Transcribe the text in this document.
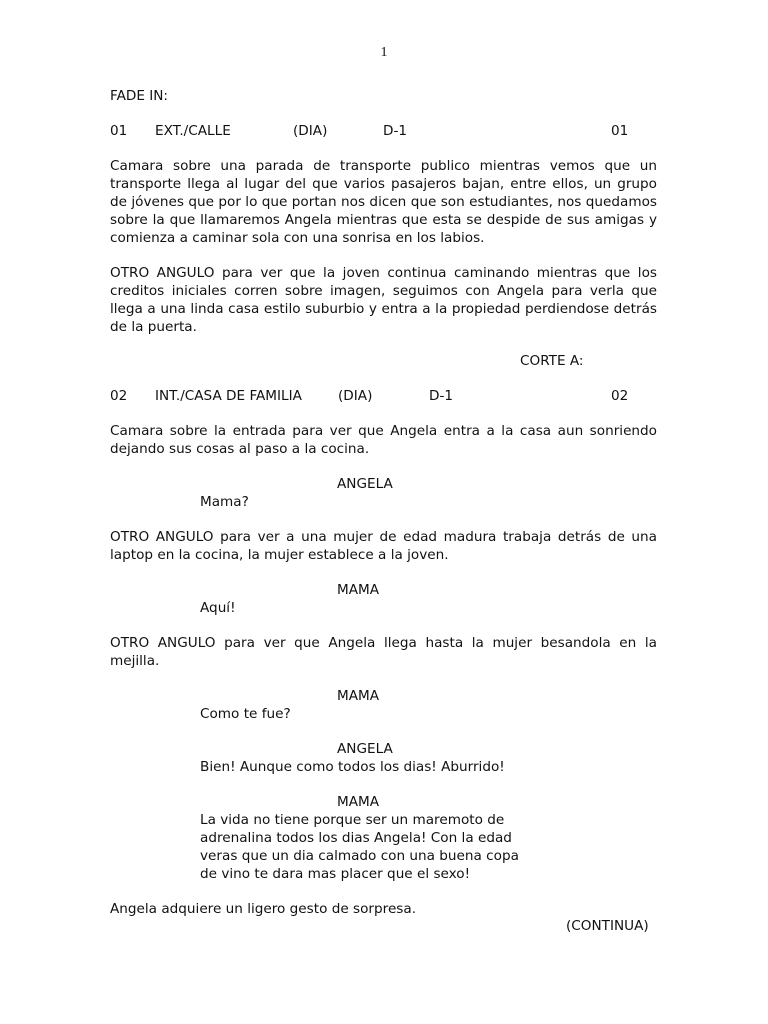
1
FADE IN:
01 EXT./CALLE	(DIA)	D-1	01
Camara sobre una parada de transporte publico mientras vemos que un
transporte llega al lugar del que varios pasajeros bajan, entre ellos, un grupo
de jóvenes que por lo que portan nos dicen que son estudiantes, nos quedamos
sobre la que llamaremos Angela mientras que esta se despide de sus amigas y
comienza a caminar sola con una sonrisa en los labios.
OTRO ANGULO para ver que la joven continua caminando mientras que los
creditos iniciales corren sobre imagen, seguimos con Angela para verla que
llega a una linda casa estilo suburbio y entra a la propiedad perdiendose detrás
de la puerta.
CORTE A:
02 INT./CASA DE FAMILIA	(DIA)	D-1	02
Camara sobre la entrada para ver que Angela entra a la casa aun sonriendo
dejando sus cosas al paso a la cocina.
ANGELA
Mama?
OTRO ANGULO para ver a una mujer de edad madura trabaja detrás de una
laptop en la cocina, la mujer establece a la joven.
MAMA
Aquí!
OTRO ANGULO para ver que Angela llega hasta la mujer besandola en la
mejilla.
MAMA
Como te fue?
ANGELA
Bien! Aunque como todos los dias! Aburrido!
MAMA
La vida no tiene porque ser un maremoto de
adrenalina todos los dias Angela! Con la edad
veras que un dia calmado con una buena copa
de vino te dara mas placer que el sexo!
Angela adquiere un ligero gesto de sorpresa.
(CONTINUA)
